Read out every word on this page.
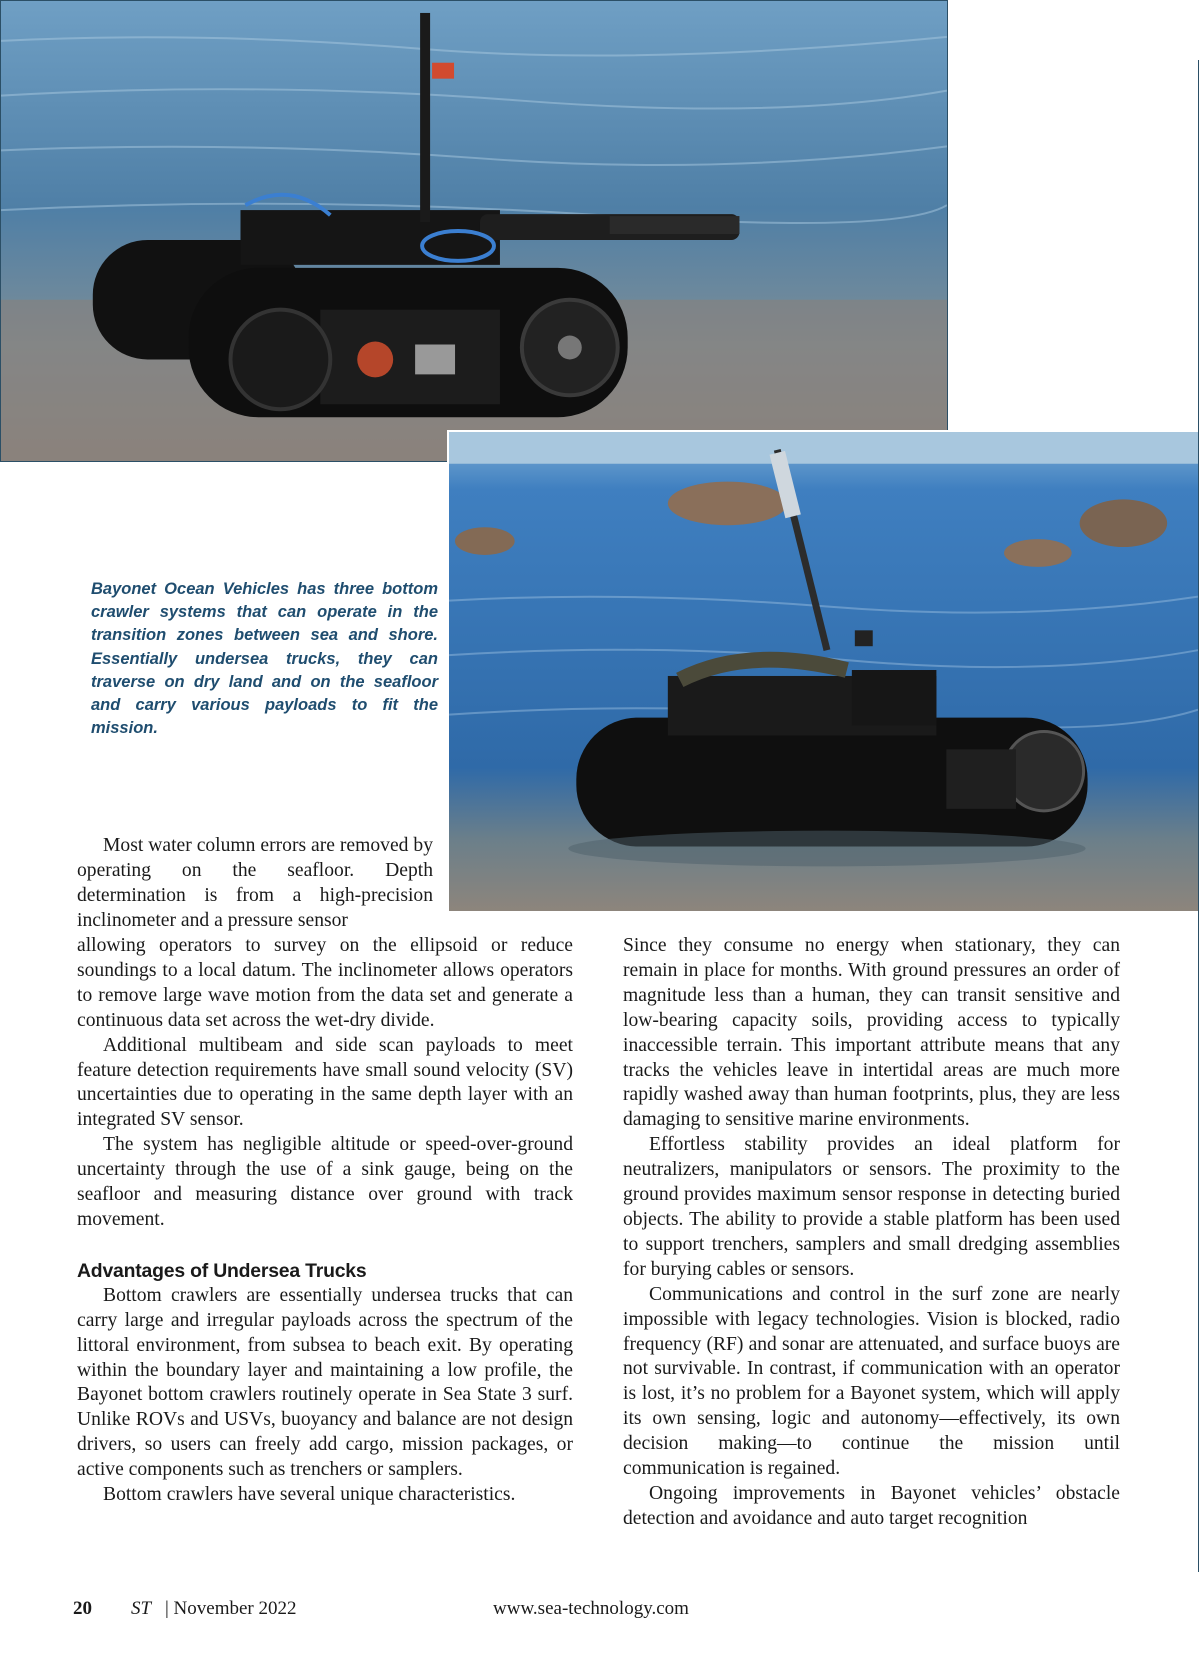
Bayonet Ocean Vehicles has three bottom crawler systems that can operate in the transition zones between sea and shore. Essentially undersea trucks, they can traverse on dry land and on the seafloor and carry various payloads to fit the mission.

Most water column errors are removed by operating on the seafloor. Depth determination is from a high-precision inclinometer and a pressure sensor

allowing operators to survey on the ellipsoid or reduce soundings to a local datum. The inclinometer allows operators to remove large wave motion from the data set and generate a continuous data set across the wet-dry divide.

Additional multibeam and side scan payloads to meet feature detection requirements have small sound velocity (SV) uncertainties due to operating in the same depth layer with an integrated SV sensor.

The system has negligible altitude or speed-over-ground uncertainty through the use of a sink gauge, being on the seafloor and measuring distance over ground with track movement.

Advantages of Undersea Trucks

Bottom crawlers are essentially undersea trucks that can carry large and irregular payloads across the spectrum of the littoral environment, from subsea to beach exit. By operating within the boundary layer and maintaining a low profile, the Bayonet bottom crawlers routinely operate in Sea State 3 surf. Unlike ROVs and USVs, buoyancy and balance are not design drivers, so users can freely add cargo, mission packages, or active components such as trenchers or samplers.

Bottom crawlers have several unique characteristics.

Since they consume no energy when stationary, they can remain in place for months. With ground pressures an order of magnitude less than a human, they can transit sensitive and low-bearing capacity soils, providing access to typically inaccessible terrain. This important attribute means that any tracks the vehicles leave in intertidal areas are much more rapidly washed away than human footprints, plus, they are less damaging to sensitive marine environments.

Effortless stability provides an ideal platform for neutralizers, manipulators or sensors. The proximity to the ground provides maximum sensor response in detecting buried objects. The ability to provide a stable platform has been used to support trenchers, samplers and small dredging assemblies for burying cables or sensors.

Communications and control in the surf zone are nearly impossible with legacy technologies. Vision is blocked, radio frequency (RF) and sonar are attenuated, and surface buoys are not survivable. In contrast, if communication with an operator is lost, it’s no problem for a Bayonet system, which will apply its own sensing, logic and autonomy—effectively, its own decision making—to continue the mission until communication is regained.

Ongoing improvements in Bayonet vehicles’ obstacle detection and avoidance and auto target recognition

20 ST | November 2022	www.sea-technology.com
